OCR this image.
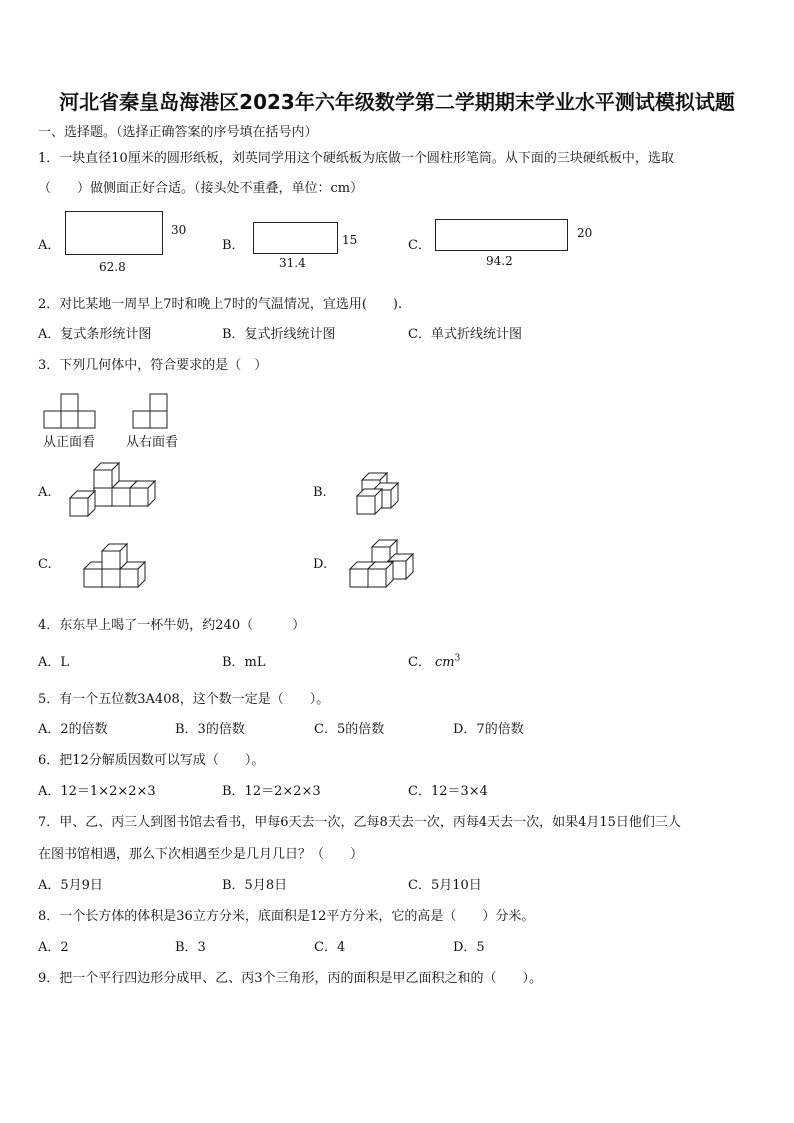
河北省秦皇岛海港区2023年六年级数学第二学期期末学业水平测试模拟试题
一、选择题。（选择正确答案的序号填在括号内）
1．一块直径10厘米的圆形纸板，刘英同学用这个硬纸板为底做一个圆柱形笔筒。从下面的三块硬纸板中，选取
（　　）做侧面正好合适。（接头处不重叠，单位：cm）
A．
62.8
30
B．
31.4
15	C．
94.2
20
2．对比某地一周早上7时和晚上7时的气温情况，宜选用(　　).
A．复式条形统计图	B．复式折线统计图	C．单式折线统计图
3．下列几何体中，符合要求的是（　）
从正面看 从右面看
A.	B.
C.	D.
4．东东早上喝了一杯牛奶，约240（　　　）
A．L	B．mL	C． $cm^3$
5．有一个五位数3A408，这个数一定是（　　）。
A．2的倍数	B．3的倍数	C．5的倍数	D．7的倍数
6．把12分解质因数可以写成（　　）。
A．12＝1×2×2×3	B．12＝2×2×3	C．12＝3×4
7．甲、乙、丙三人到图书馆去看书，甲每6天去一次，乙每8天去一次，丙每4天去一次，如果4月15日他们三人
在图书馆相遇，那么下次相遇至少是几月几日？（　　）
A．5月9日	B．5月8日	C．5月10日
8．一个长方体的体积是36立方分米，底面积是12平方分米，它的高是（　　）分米。
A．2	B．3	C．4	D．5
9．把一个平行四边形分成甲、乙、丙3个三角形，丙的面积是甲乙面积之和的（　　）。
